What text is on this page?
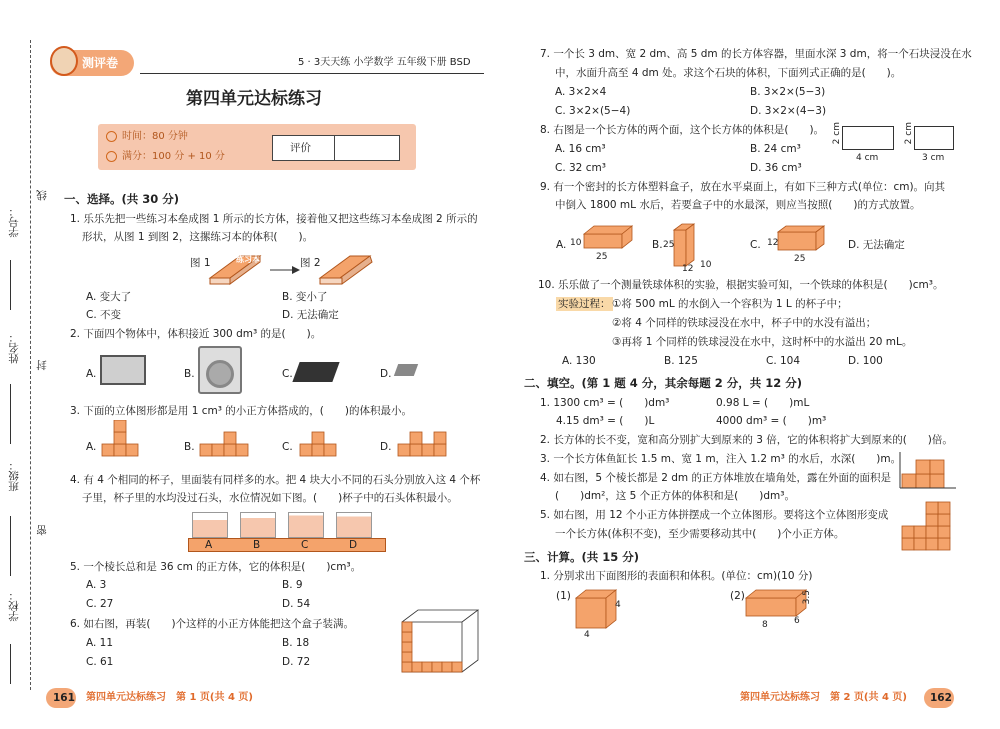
学号：
姓名：
班级：
学校：
线
封
密
测评卷	5 · 3天天练 小学数学 五年级下册 BSD
第四单元达标练习
时间：80 分钟
满分：100 分 + 10 分
评价
一、选择。(共 30 分)
1. 乐乐先把一些练习本垒成图 1 所示的长方体，接着他又把这些练习本垒成图 2 所示的
形状，从图 1 到图 2，这摞练习本的体积(　　)。
图 1	图 2
练习本
A. 变大了	B. 变小了
C. 不变	D. 无法确定
2. 下面四个物体中，体积接近 300 dm³ 的是(　　)。
A.	B.	C.	D.
3. 下面的立体图形都是用 1 cm³ 的小正方体搭成的，(　　)的体积最小。
A.	B.	C.	D.
4. 有 4 个相同的杯子，里面装有同样多的水。把 4 块大小不同的石头分别放入这 4 个杯
子里，杯子里的水均没过石头，水位情况如下图。(　　)杯子中的石头体积最小。
A	B	C	D
5. 一个棱长总和是 36 cm 的正方体，它的体积是(　　)cm³。
A. 3	B. 9
C. 27	D. 54
6. 如右图，再装(　　)个这样的小正方体能把这个盒子装满。
A. 11	B. 18
C. 61	D. 72
161 第四单元达标练习　第 1 页(共 4 页)
7. 一个长 3 dm、宽 2 dm、高 5 dm 的长方体容器，里面水深 3 dm，将一个石块浸没在水
中，水面升高至 4 dm 处。求这个石块的体积，下面列式正确的是(　　)。
A. 3×2×4	B. 3×2×(5−3)
C. 3×2×(5−4)	D. 3×2×(4−3)
8. 右图是一个长方体的两个面，这个长方体的体积是(　　)。
A. 16 cm³	B. 24 cm³
C. 32 cm³	D. 36 cm³
2 cm
4 cm
2 cm
3 cm
9. 有一个密封的长方体塑料盒子，放在水平桌面上，有如下三种方式(单位：cm)。向其
中倒入 1800 mL 水后，若要盒子中的水最深，则应当按照(　　)的方式放置。
A.	B.	C.	D. 无法确定
10
25
25
12 10
12
25
10. 乐乐做了一个测量铁球体积的实验，根据实验可知，一个铁球的体积是(　　)cm³。
实验过程： ①将 500 mL 的水倒入一个容积为 1 L 的杯子中；
②将 4 个同样的铁球浸没在水中，杯子中的水没有溢出；
③再将 1 个同样的铁球浸没在水中，这时杯中的水溢出 20 mL。
A. 130	B. 125	C. 104	D. 100
二、填空。(第 1 题 4 分，其余每题 2 分，共 12 分)
1. 1300 cm³ = (　　)dm³	0.98 L = (　　)mL
4.15 dm³ = (　　)L	4000 dm³ = (　　)m³
2. 长方体的长不变，宽和高分别扩大到原来的 3 倍，它的体积将扩大到原来的(　　)倍。
3. 一个长方体鱼缸长 1.5 m、宽 1 m，注入 1.2 m³ 的水后，水深(　　)m。
4. 如右图，5 个棱长都是 2 dm 的正方体堆放在墙角处，露在外面的面积是
(　　)dm²，这 5 个正方体的体积和是(　　)dm³。
5. 如右图，用 12 个小正方体拼摆成一个立体图形。要将这个立体图形变成
一个长方体(体积不变)，至少需要移动其中(　　)个小正方体。
三、计算。(共 15 分)
1. 分别求出下面图形的表面积和体积。(单位：cm)(10 分)
(1)	(2)
4
4
3.5
8	6
第四单元达标练习　第 2 页(共 4 页) 162
